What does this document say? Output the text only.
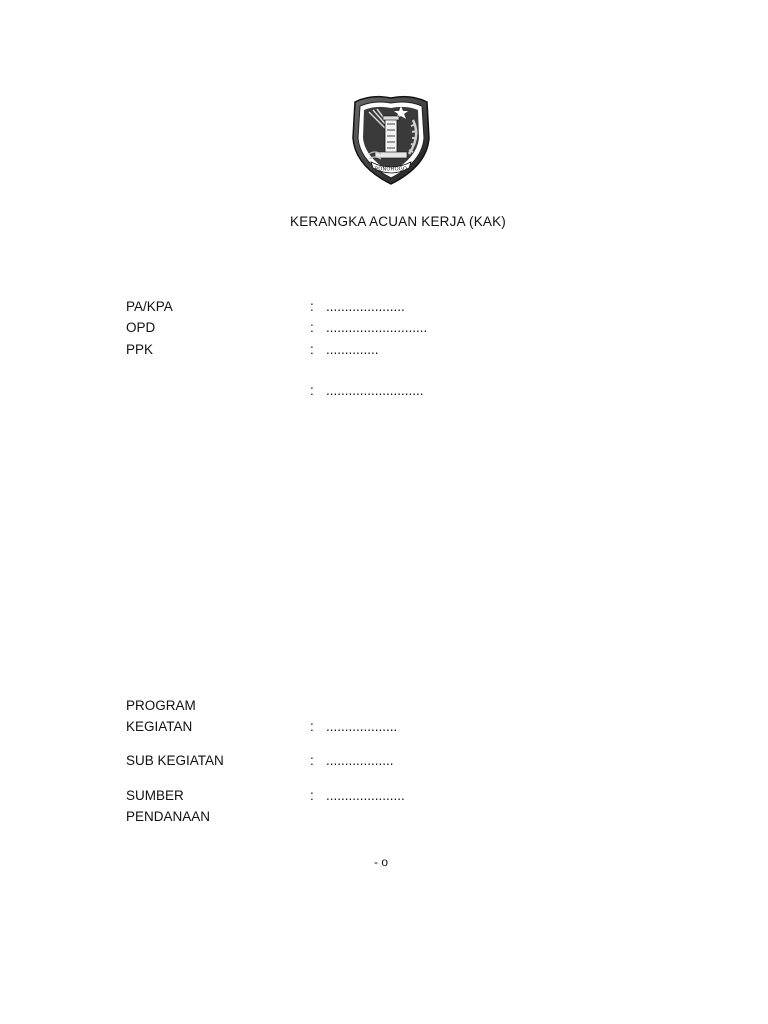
PONOROGO
KERANGKA ACUAN KERJA (KAK)
PA/KPA	: .....................
OPD	: ...........................
PPK	: ..............
: ..........................
PROGRAM
KEGIATAN	: ...................
SUB KEGIATAN	: ..................
SUMBER	: .....................
PENDANAAN
- o
